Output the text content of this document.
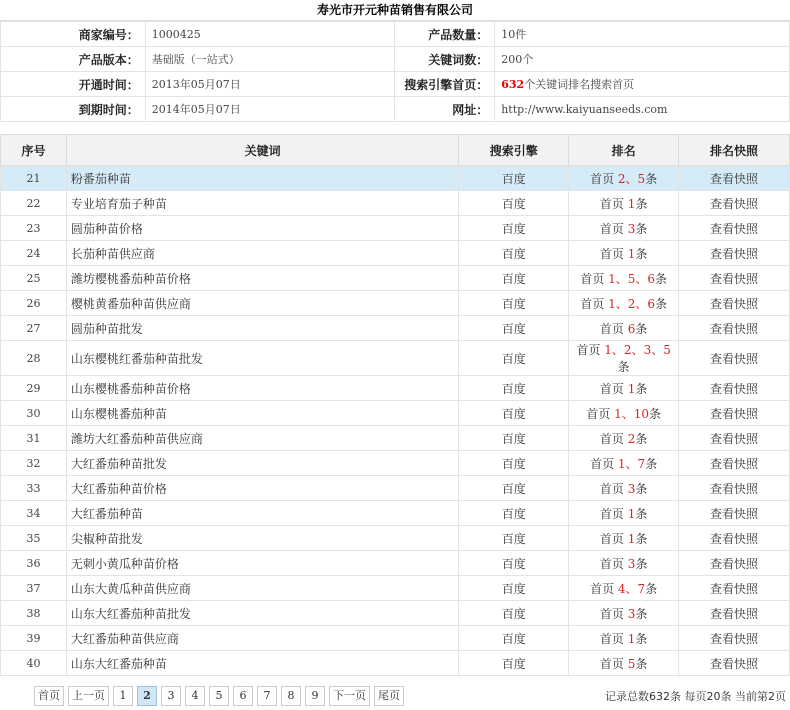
寿光市开元种苗销售有限公司
商家编号：	1000425	产品数量：	10件
产品版本：	基础版（一站式）	关键词数：	200个
开通时间：	2013年05月07日	搜索引擎首页：	632个关键词排名搜索首页
到期时间：	2014年05月07日	网址：	http://www.kaiyuanseeds.com
序号	关键词	搜索引擎	排名	排名快照
21	粉番茄种苗	百度	首页 2、5条	查看快照
22	专业培育茄子种苗	百度	首页 1条	查看快照
23	圆茄种苗价格	百度	首页 3条	查看快照
24	长茄种苗供应商	百度	首页 1条	查看快照
25	潍坊樱桃番茄种苗价格	百度	首页 1、5、6条	查看快照
26	樱桃黄番茄种苗供应商	百度	首页 1、2、6条	查看快照
27	圆茄种苗批发	百度	首页 6条	查看快照
28	山东樱桃红番茄种苗批发	百度	首页 1、2、3、5条	查看快照
29	山东樱桃番茄种苗价格	百度	首页 1条	查看快照
30	山东樱桃番茄种苗	百度	首页 1、10条	查看快照
31	潍坊大红番茄种苗供应商	百度	首页 2条	查看快照
32	大红番茄种苗批发	百度	首页 1、7条	查看快照
33	大红番茄种苗价格	百度	首页 3条	查看快照
34	大红番茄种苗	百度	首页 1条	查看快照
35	尖椒种苗批发	百度	首页 1条	查看快照
36	无刺小黄瓜种苗价格	百度	首页 3条	查看快照
37	山东大黄瓜种苗供应商	百度	首页 4、7条	查看快照
38	山东大红番茄种苗批发	百度	首页 3条	查看快照
39	大红番茄种苗供应商	百度	首页 1条	查看快照
40	山东大红番茄种苗	百度	首页 5条	查看快照
首页	上一页	1	2	3	4	5	6	7	8	9	下一页	尾页	记录总数632条 每页20条 当前第2页
